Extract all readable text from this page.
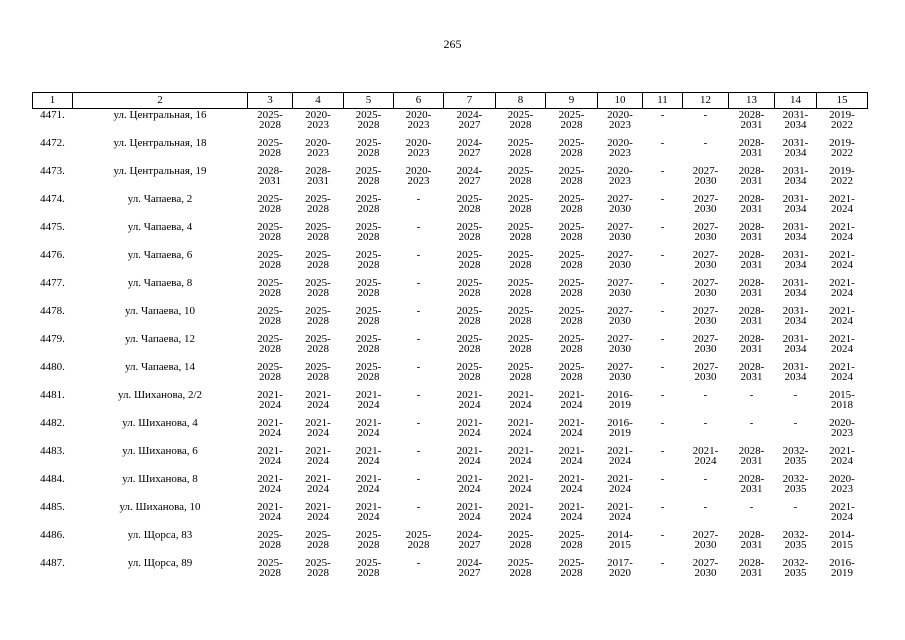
265
1	2	3	4	5	6	7	8	9	10	11	12	13	14	15
4471.	ул. Центральная, 16	2025-
2028	2020-
2023	2025-
2028	2020-
2023	2024-
2027	2025-
2028	2025-
2028	2020-
2023	-	-	2028-
2031	2031-
2034	2019-
2022

4472.	ул. Центральная, 18	2025-
2028	2020-
2023	2025-
2028	2020-
2023	2024-
2027	2025-
2028	2025-
2028	2020-
2023	-	-	2028-
2031	2031-
2034	2019-
2022

4473.	ул. Центральная, 19	2028-
2031	2028-
2031	2025-
2028	2020-
2023	2024-
2027	2025-
2028	2025-
2028	2020-
2023	-	2027-
2030	2028-
2031	2031-
2034	2019-
2022

4474.	ул. Чапаева, 2	2025-
2028	2025-
2028	2025-
2028	-	2025-
2028	2025-
2028	2025-
2028	2027-
2030	-	2027-
2030	2028-
2031	2031-
2034	2021-
2024

4475.	ул. Чапаева, 4	2025-
2028	2025-
2028	2025-
2028	-	2025-
2028	2025-
2028	2025-
2028	2027-
2030	-	2027-
2030	2028-
2031	2031-
2034	2021-
2024

4476.	ул. Чапаева, 6	2025-
2028	2025-
2028	2025-
2028	-	2025-
2028	2025-
2028	2025-
2028	2027-
2030	-	2027-
2030	2028-
2031	2031-
2034	2021-
2024

4477.	ул. Чапаева, 8	2025-
2028	2025-
2028	2025-
2028	-	2025-
2028	2025-
2028	2025-
2028	2027-
2030	-	2027-
2030	2028-
2031	2031-
2034	2021-
2024

4478.	ул. Чапаева, 10	2025-
2028	2025-
2028	2025-
2028	-	2025-
2028	2025-
2028	2025-
2028	2027-
2030	-	2027-
2030	2028-
2031	2031-
2034	2021-
2024

4479.	ул. Чапаева, 12	2025-
2028	2025-
2028	2025-
2028	-	2025-
2028	2025-
2028	2025-
2028	2027-
2030	-	2027-
2030	2028-
2031	2031-
2034	2021-
2024

4480.	ул. Чапаева, 14	2025-
2028	2025-
2028	2025-
2028	-	2025-
2028	2025-
2028	2025-
2028	2027-
2030	-	2027-
2030	2028-
2031	2031-
2034	2021-
2024

4481.	ул. Шиханова, 2/2	2021-
2024	2021-
2024	2021-
2024	-	2021-
2024	2021-
2024	2021-
2024	2016-
2019	-	-	-	-	2015-
2018

4482.	ул. Шиханова, 4	2021-
2024	2021-
2024	2021-
2024	-	2021-
2024	2021-
2024	2021-
2024	2016-
2019	-	-	-	-	2020-
2023

4483.	ул. Шиханова, 6	2021-
2024	2021-
2024	2021-
2024	-	2021-
2024	2021-
2024	2021-
2024	2021-
2024	-	2021-
2024	2028-
2031	2032-
2035	2021-
2024

4484.	ул. Шиханова, 8	2021-
2024	2021-
2024	2021-
2024	-	2021-
2024	2021-
2024	2021-
2024	2021-
2024	-	-	2028-
2031	2032-
2035	2020-
2023

4485.	ул. Шиханова, 10	2021-
2024	2021-
2024	2021-
2024	-	2021-
2024	2021-
2024	2021-
2024	2021-
2024	-	-	-	-	2021-
2024

4486.	ул. Щорса, 83	2025-
2028	2025-
2028	2025-
2028	2025-
2028	2024-
2027	2025-
2028	2025-
2028	2014-
2015	-	2027-
2030	2028-
2031	2032-
2035	2014-
2015

4487.	ул. Щорса, 89	2025-
2028	2025-
2028	2025-
2028	-	2024-
2027	2025-
2028	2025-
2028	2017-
2020	-	2027-
2030	2028-
2031	2032-
2035	2016-
2019
